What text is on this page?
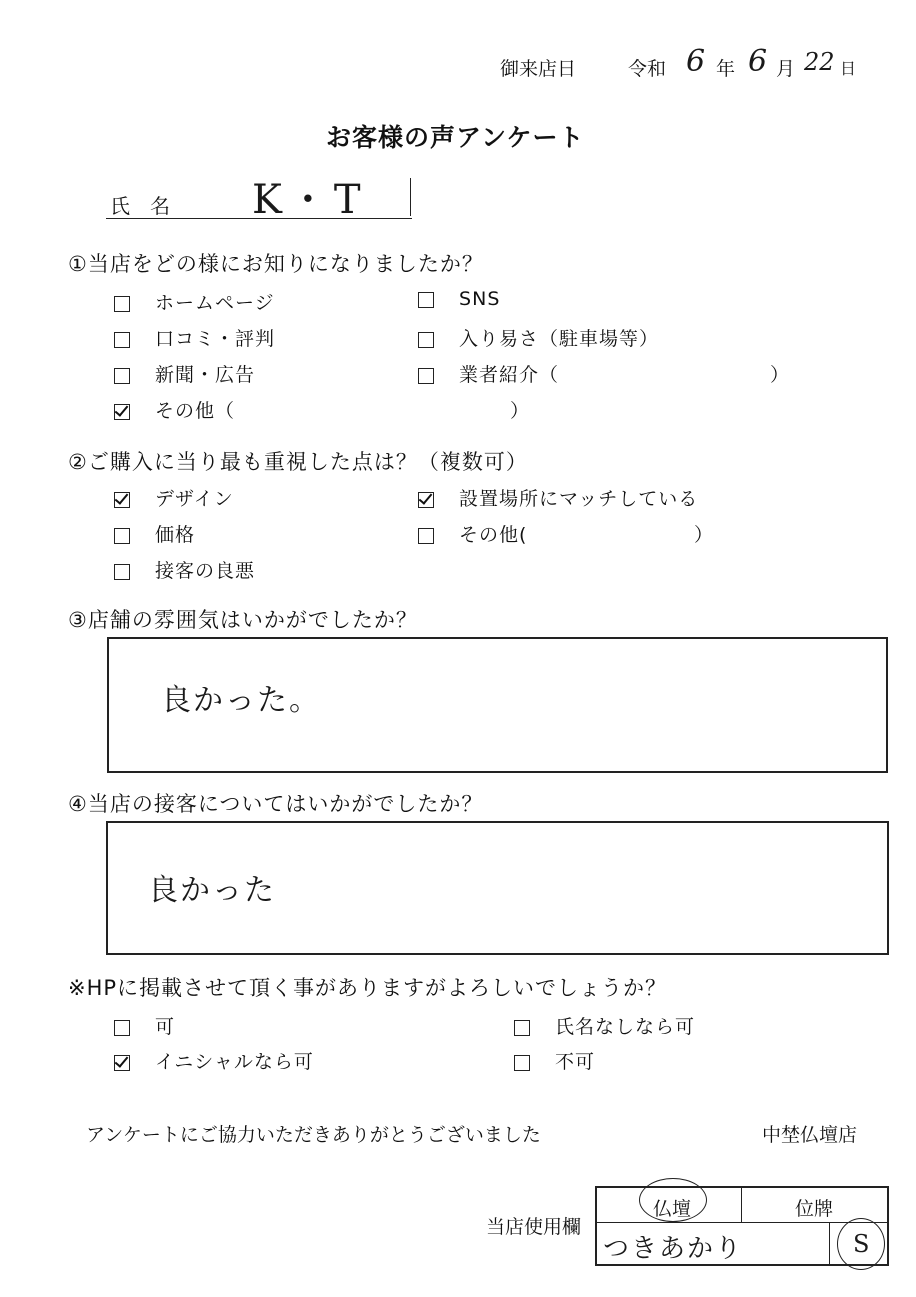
御来店日	令和 6 年 6 月 22 日
お客様の声アンケート
氏　名 K・T
①当店をどの様にお知りになりましたか？
ホームページ	SNS
口コミ・評判	入り易さ（駐車場等）
新聞・広告	業者紹介（	）
その他（	）
②ご購入に当り最も重視した点は？（複数可）
デザイン	設置場所にマッチしている
価格	その他(	）
接客の良悪
③店舗の雰囲気はいかがでしたか？
良かった。
④当店の接客についてはいかがでしたか？
良かった
※HPに掲載させて頂く事がありますがよろしいでしょうか？
可	氏名なしなら可
イニシャルなら可	不可
アンケートにご協力いただきありがとうございました	中埜仏壇店
当店使用欄
仏壇	位牌
つきあかり	S
